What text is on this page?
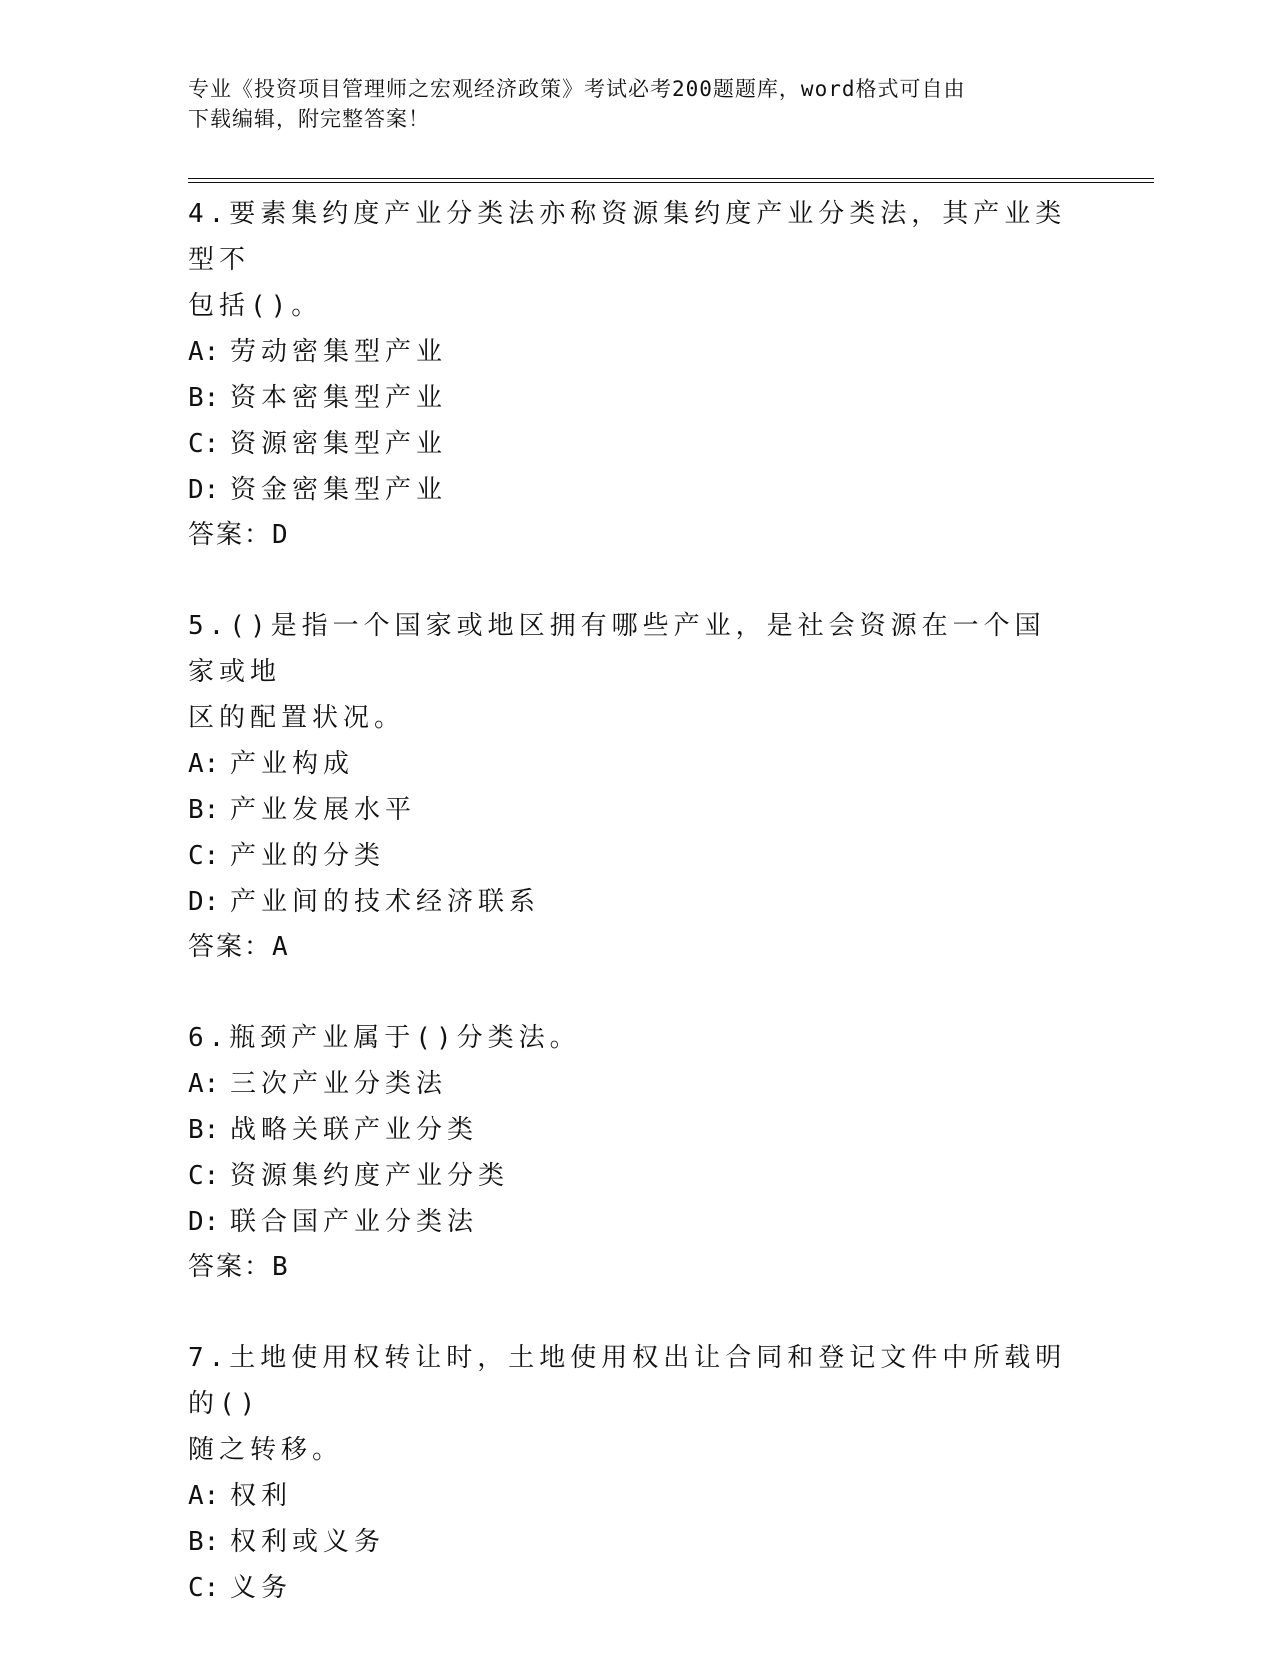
专业《投资项目管理师之宏观经济政策》考试必考200题题库，word格式可自由
下载编辑，附完整答案！

4.要素集约度产业分类法亦称资源集约度产业分类法，其产业类型不
包括()。

A: 劳动密集型产业

B: 资本密集型产业

C: 资源密集型产业

D: 资金密集型产业

答案：D

5.()是指一个国家或地区拥有哪些产业，是社会资源在一个国家或地
区的配置状况。

A: 产业构成

B: 产业发展水平

C: 产业的分类

D: 产业间的技术经济联系

答案：A

6.瓶颈产业属于()分类法。

A: 三次产业分类法

B: 战略关联产业分类

C: 资源集约度产业分类

D: 联合国产业分类法

答案：B

7.土地使用权转让时，土地使用权出让合同和登记文件中所载明的()
随之转移。

A: 权利

B: 权利或义务

C: 义务
